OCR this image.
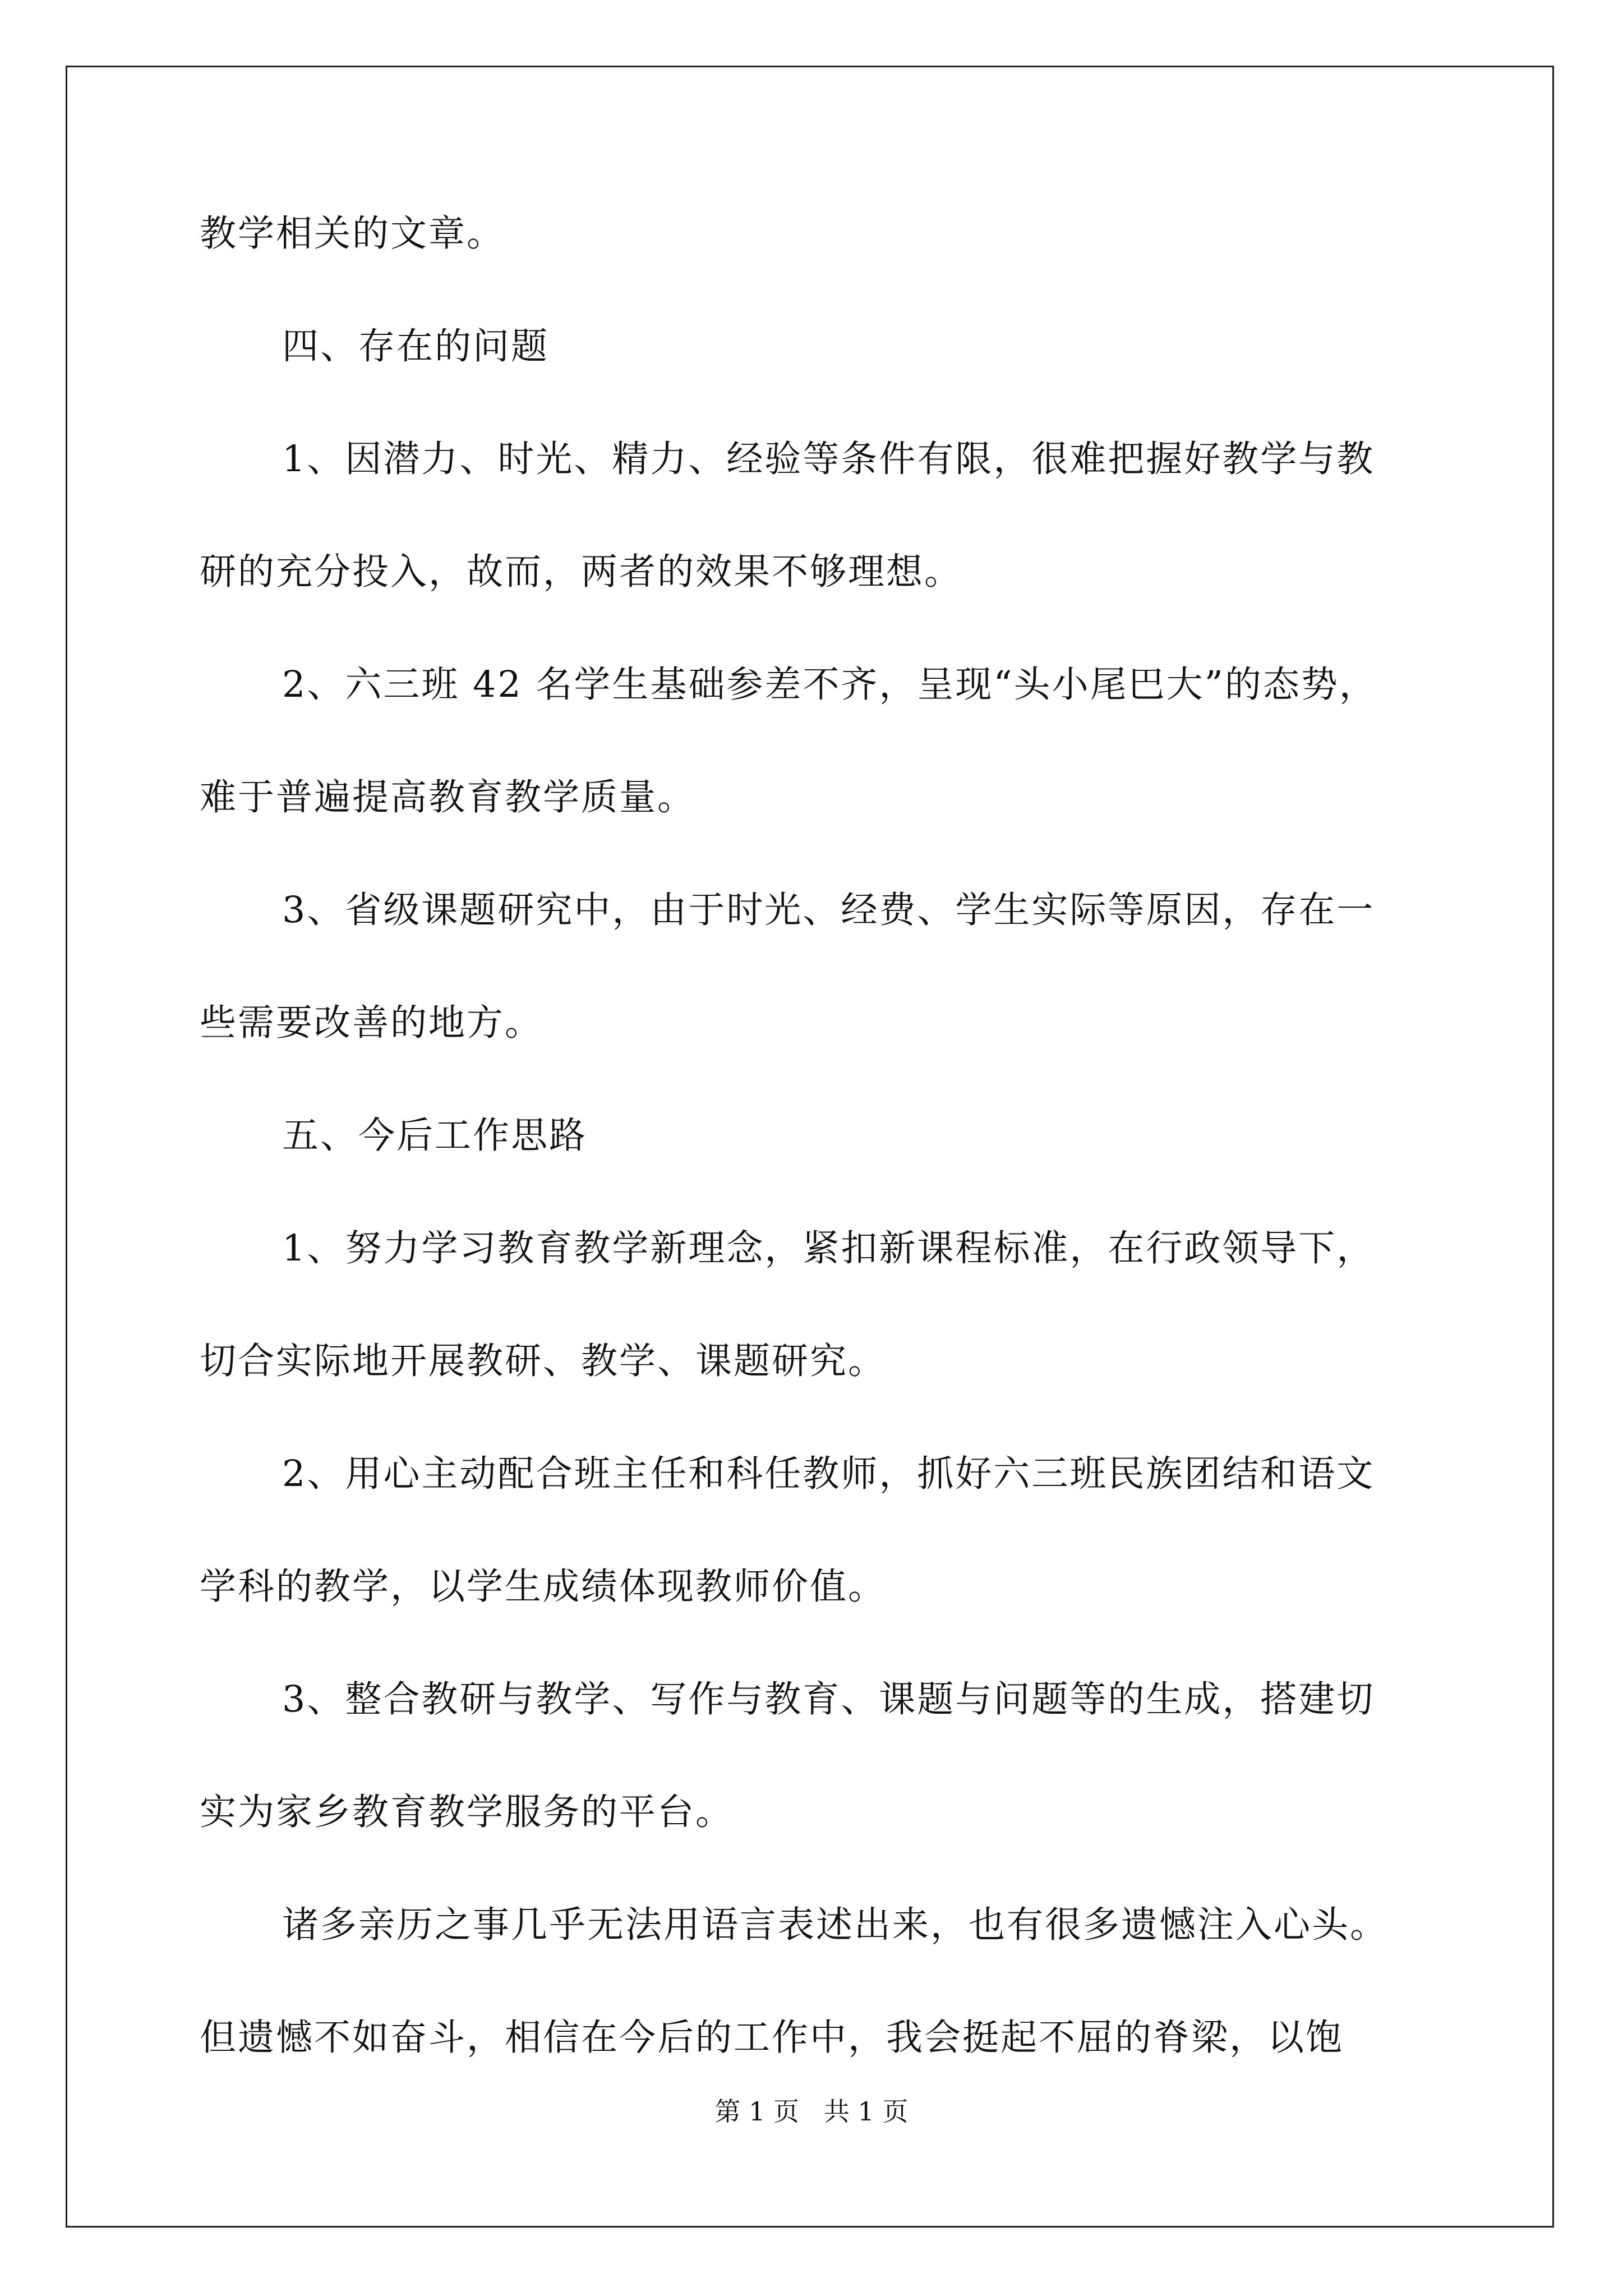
教学相关的文章。
四、存在的问题
1、因潜力、时光、精力、经验等条件有限，很难把握好教学与教
研的充分投入，故而，两者的效果不够理想。
2、六三班 42 名学生基础参差不齐，呈现“头小尾巴大”的态势，
难于普遍提高教育教学质量。
3、省级课题研究中，由于时光、经费、学生实际等原因，存在一
些需要改善的地方。
五、今后工作思路
1、努力学习教育教学新理念，紧扣新课程标准，在行政领导下，
切合实际地开展教研、教学、课题研究。
2、用心主动配合班主任和科任教师，抓好六三班民族团结和语文
学科的教学，以学生成绩体现教师价值。
3、整合教研与教学、写作与教育、课题与问题等的生成，搭建切
实为家乡教育教学服务的平台。
诸多亲历之事几乎无法用语言表述出来，也有很多遗憾注入心头。
但遗憾不如奋斗，相信在今后的工作中，我会挺起不屈的脊梁，以饱
第 1 页   共 1 页
